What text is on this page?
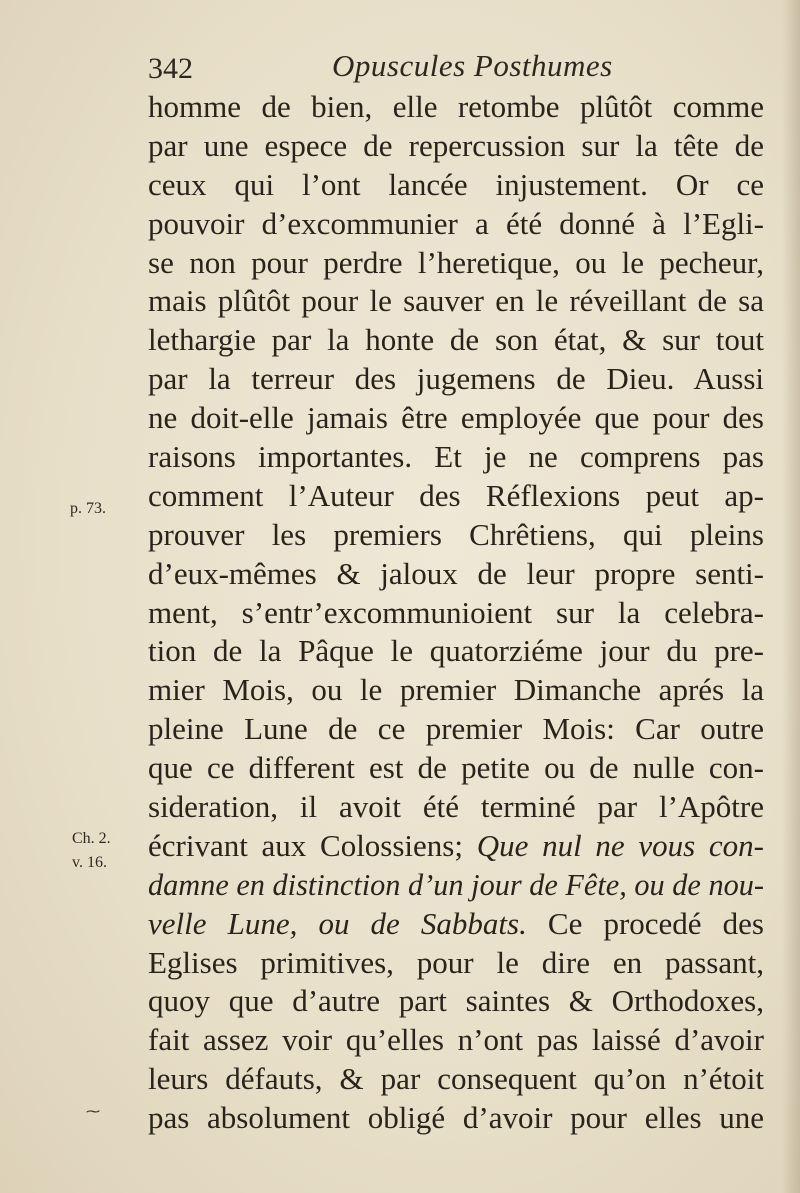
342	Opuscules Posthumes
p. 73.
Ch. 2.
v. 16.
homme de bien, elle retombe plûtôt comme
par une espece de repercussion sur la tête de
ceux qui l’ont lancée injustement. Or ce
pouvoir d’excommunier a été donné à l’Egli-
se non pour perdre l’heretique, ou le pecheur,
mais plûtôt pour le sauver en le réveillant de sa
lethargie par la honte de son état, & sur tout
par la terreur des jugemens de Dieu. Aussi
ne doit-elle jamais être employée que pour des
raisons importantes. Et je ne comprens pas
comment l’Auteur des Réflexions peut ap-
prouver les premiers Chrêtiens, qui pleins
d’eux-mêmes & jaloux de leur propre senti-
ment, s’entr’excommunioient sur la celebra-
tion de la Pâque le quatorziéme jour du pre-
mier Mois, ou le premier Dimanche aprés la
pleine Lune de ce premier Mois: Car outre
que ce different est de petite ou de nulle con-
sideration, il avoit été terminé par l’Apôtre
écrivant aux Colossiens; Que nul ne vous con-
damne en distinction d’un jour de Fête, ou de nou-
velle Lune, ou de Sabbats. Ce procedé des
Eglises primitives, pour le dire en passant,
quoy que d’autre part saintes & Orthodoxes,
fait assez voir qu’elles n’ont pas laissé d’avoir
leurs défauts, & par consequent qu’on n’étoit
pas absolument obligé d’avoir pour elles une
⁓
